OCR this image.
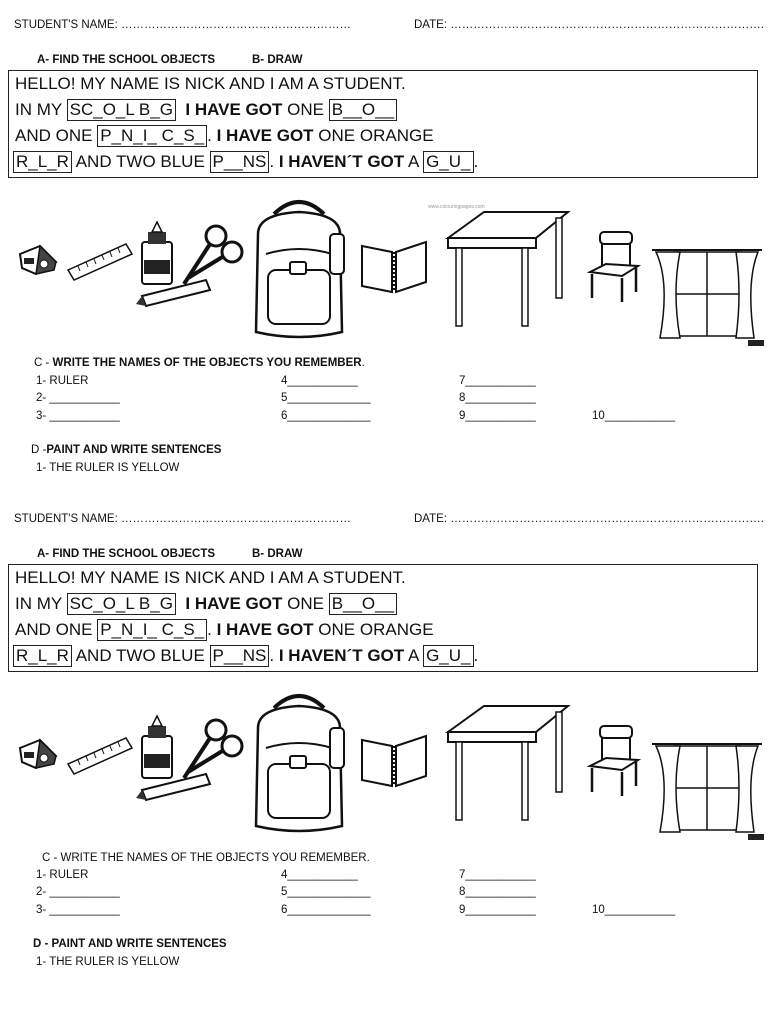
STUDENT'S NAME: ……………………………………………………	DATE: ……………………………………………………………………….
A- FIND THE SCHOOL OBJECTS	B- DRAW
HELLO! MY NAME IS NICK AND I AM A STUDENT.
IN MY SC_O_L B_G I HAVE GOT ONE B__O__
AND ONE P_N_I_ C_S_ . I HAVE GOT ONE ORANGE
R_L_R AND TWO BLUE P__NS . I HAVEN´T GOT A G_U_ .
www.colouringpages.com
C - WRITE THE NAMES OF THE OBJECTS YOU REMEMBER.
1- RULER
2- ___________
3- ___________
4___________
5_____________
6_____________
7___________
8___________
9___________	10___________
D -PAINT AND WRITE SENTENCES
1- THE RULER IS YELLOW
STUDENT'S NAME: ……………………………………………………	DATE: ……………………………………………………………………….
A- FIND THE SCHOOL OBJECTS	B- DRAW
HELLO! MY NAME IS NICK AND I AM A STUDENT.
IN MY SC_O_L B_G I HAVE GOT ONE B__O__
AND ONE P_N_I_ C_S_ . I HAVE GOT ONE ORANGE
R_L_R AND TWO BLUE P__NS . I HAVEN´T GOT A G_U_ .
C - WRITE THE NAMES OF THE OBJECTS YOU REMEMBER.
1- RULER
2- ___________
3- ___________
4___________
5_____________
6_____________
7___________
8___________
9___________	10___________
D - PAINT AND WRITE SENTENCES
1- THE RULER IS YELLOW
